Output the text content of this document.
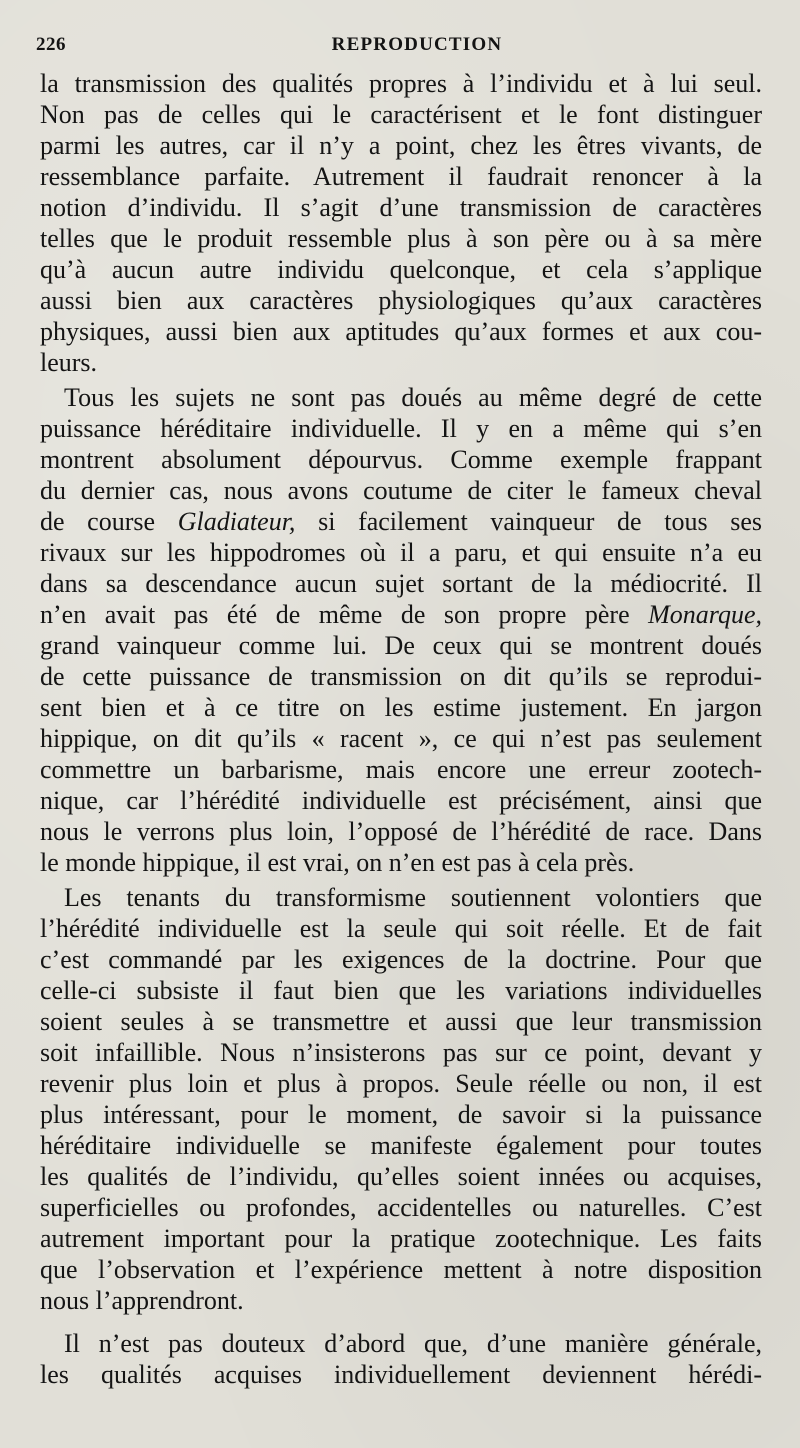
226	REPRODUCTION

la transmission des qualités propres à l’individu et à lui seul.
Non pas de celles qui le caractérisent et le font distinguer
parmi les autres, car il n’y a point, chez les êtres vivants, de
ressemblance parfaite. Autrement il faudrait renoncer à la
notion d’individu. Il s’agit d’une transmission de caractères
telles que le produit ressemble plus à son père ou à sa mère
qu’à aucun autre individu quelconque, et cela s’applique
aussi bien aux caractères physiologiques qu’aux caractères
physiques, aussi bien aux aptitudes qu’aux formes et aux cou-
leurs.

Tous les sujets ne sont pas doués au même degré de cette
puissance héréditaire individuelle. Il y en a même qui s’en
montrent absolument dépourvus. Comme exemple frappant
du dernier cas, nous avons coutume de citer le fameux cheval
de course Gladiateur, si facilement vainqueur de tous ses
rivaux sur les hippodromes où il a paru, et qui ensuite n’a eu
dans sa descendance aucun sujet sortant de la médiocrité. Il
n’en avait pas été de même de son propre père Monarque,
grand vainqueur comme lui. De ceux qui se montrent doués
de cette puissance de transmission on dit qu’ils se reprodui-
sent bien et à ce titre on les estime justement. En jargon
hippique, on dit qu’ils « racent », ce qui n’est pas seulement
commettre un barbarisme, mais encore une erreur zootech-
nique, car l’hérédité individuelle est précisément, ainsi que
nous le verrons plus loin, l’opposé de l’hérédité de race. Dans
le monde hippique, il est vrai, on n’en est pas à cela près.

Les tenants du transformisme soutiennent volontiers que
l’hérédité individuelle est la seule qui soit réelle. Et de fait
c’est commandé par les exigences de la doctrine. Pour que
celle-ci subsiste il faut bien que les variations individuelles
soient seules à se transmettre et aussi que leur transmission
soit infaillible. Nous n’insisterons pas sur ce point, devant y
revenir plus loin et plus à propos. Seule réelle ou non, il est
plus intéressant, pour le moment, de savoir si la puissance
héréditaire individuelle se manifeste également pour toutes
les qualités de l’individu, qu’elles soient innées ou acquises,
superficielles ou profondes, accidentelles ou naturelles. C’est
autrement important pour la pratique zootechnique. Les faits
que l’observation et l’expérience mettent à notre disposition
nous l’apprendront.

Il n’est pas douteux d’abord que, d’une manière générale,
les qualités acquises individuellement deviennent hérédi-
